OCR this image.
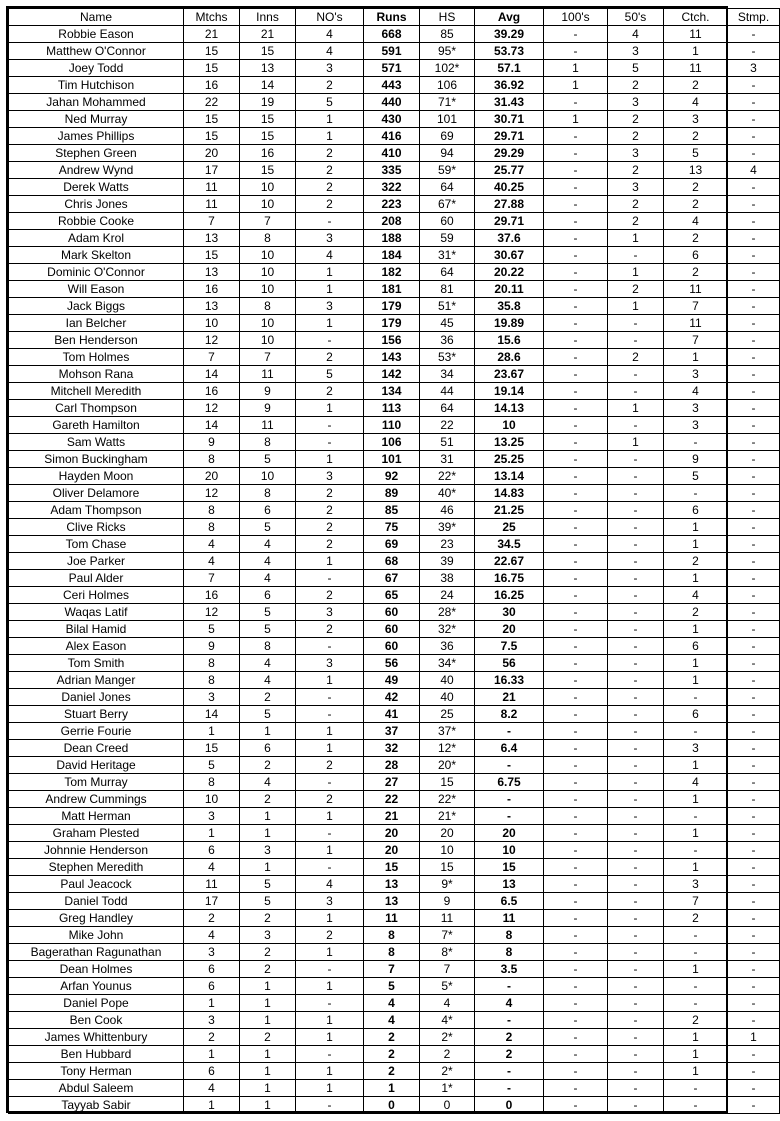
Name	Mtchs	Inns	NO's	Runs	HS	Avg	100's	50's	Ctch.	Stmp.
Robbie Eason	21	21	4	668	85	39.29	-	4	11	-
Matthew O'Connor	15	15	4	591	95*	53.73	-	3	1	-
Joey Todd	15	13	3	571	102*	57.1	1	5	11	3
Tim Hutchison	16	14	2	443	106	36.92	1	2	2	-
Jahan Mohammed	22	19	5	440	71*	31.43	-	3	4	-
Ned Murray	15	15	1	430	101	30.71	1	2	3	-
James Phillips	15	15	1	416	69	29.71	-	2	2	-
Stephen Green	20	16	2	410	94	29.29	-	3	5	-
Andrew Wynd	17	15	2	335	59*	25.77	-	2	13	4
Derek Watts	11	10	2	322	64	40.25	-	3	2	-
Chris Jones	11	10	2	223	67*	27.88	-	2	2	-
Robbie Cooke	7	7	-	208	60	29.71	-	2	4	-
Adam Krol	13	8	3	188	59	37.6	-	1	2	-
Mark Skelton	15	10	4	184	31*	30.67	-	-	6	-
Dominic O'Connor	13	10	1	182	64	20.22	-	1	2	-
Will Eason	16	10	1	181	81	20.11	-	2	11	-
Jack Biggs	13	8	3	179	51*	35.8	-	1	7	-
Ian Belcher	10	10	1	179	45	19.89	-	-	11	-
Ben Henderson	12	10	-	156	36	15.6	-	-	7	-
Tom Holmes	7	7	2	143	53*	28.6	-	2	1	-
Mohson Rana	14	11	5	142	34	23.67	-	-	3	-
Mitchell Meredith	16	9	2	134	44	19.14	-	-	4	-
Carl Thompson	12	9	1	113	64	14.13	-	1	3	-
Gareth Hamilton	14	11	-	110	22	10	-	-	3	-
Sam Watts	9	8	-	106	51	13.25	-	1	-	-
Simon Buckingham	8	5	1	101	31	25.25	-	-	9	-
Hayden Moon	20	10	3	92	22*	13.14	-	-	5	-
Oliver Delamore	12	8	2	89	40*	14.83	-	-	-	-
Adam Thompson	8	6	2	85	46	21.25	-	-	6	-
Clive Ricks	8	5	2	75	39*	25	-	-	1	-
Tom Chase	4	4	2	69	23	34.5	-	-	1	-
Joe Parker	4	4	1	68	39	22.67	-	-	2	-
Paul Alder	7	4	-	67	38	16.75	-	-	1	-
Ceri Holmes	16	6	2	65	24	16.25	-	-	4	-
Waqas Latif	12	5	3	60	28*	30	-	-	2	-
Bilal Hamid	5	5	2	60	32*	20	-	-	1	-
Alex Eason	9	8	-	60	36	7.5	-	-	6	-
Tom Smith	8	4	3	56	34*	56	-	-	1	-
Adrian Manger	8	4	1	49	40	16.33	-	-	1	-
Daniel Jones	3	2	-	42	40	21	-	-	-	-
Stuart Berry	14	5	-	41	25	8.2	-	-	6	-
Gerrie Fourie	1	1	1	37	37*	-	-	-	-	-
Dean Creed	15	6	1	32	12*	6.4	-	-	3	-
David Heritage	5	2	2	28	20*	-	-	-	1	-
Tom Murray	8	4	-	27	15	6.75	-	-	4	-
Andrew Cummings	10	2	2	22	22*	-	-	-	1	-
Matt Herman	3	1	1	21	21*	-	-	-	-	-
Graham Plested	1	1	-	20	20	20	-	-	1	-
Johnnie Henderson	6	3	1	20	10	10	-	-	-	-
Stephen Meredith	4	1	-	15	15	15	-	-	1	-
Paul Jeacock	11	5	4	13	9*	13	-	-	3	-
Daniel Todd	17	5	3	13	9	6.5	-	-	7	-
Greg Handley	2	2	1	11	11	11	-	-	2	-
Mike John	4	3	2	8	7*	8	-	-	-	-
Bagerathan Ragunathan	3	2	1	8	8*	8	-	-	-	-
Dean Holmes	6	2	-	7	7	3.5	-	-	1	-
Arfan Younus	6	1	1	5	5*	-	-	-	-	-
Daniel Pope	1	1	-	4	4	4	-	-	-	-
Ben Cook	3	1	1	4	4*	-	-	-	2	-
James Whittenbury	2	2	1	2	2*	2	-	-	1	1
Ben Hubbard	1	1	-	2	2	2	-	-	1	-
Tony Herman	6	1	1	2	2*	-	-	-	1	-
Abdul Saleem	4	1	1	1	1*	-	-	-	-	-
Tayyab Sabir	1	1	-	0	0	0	-	-	-	-
